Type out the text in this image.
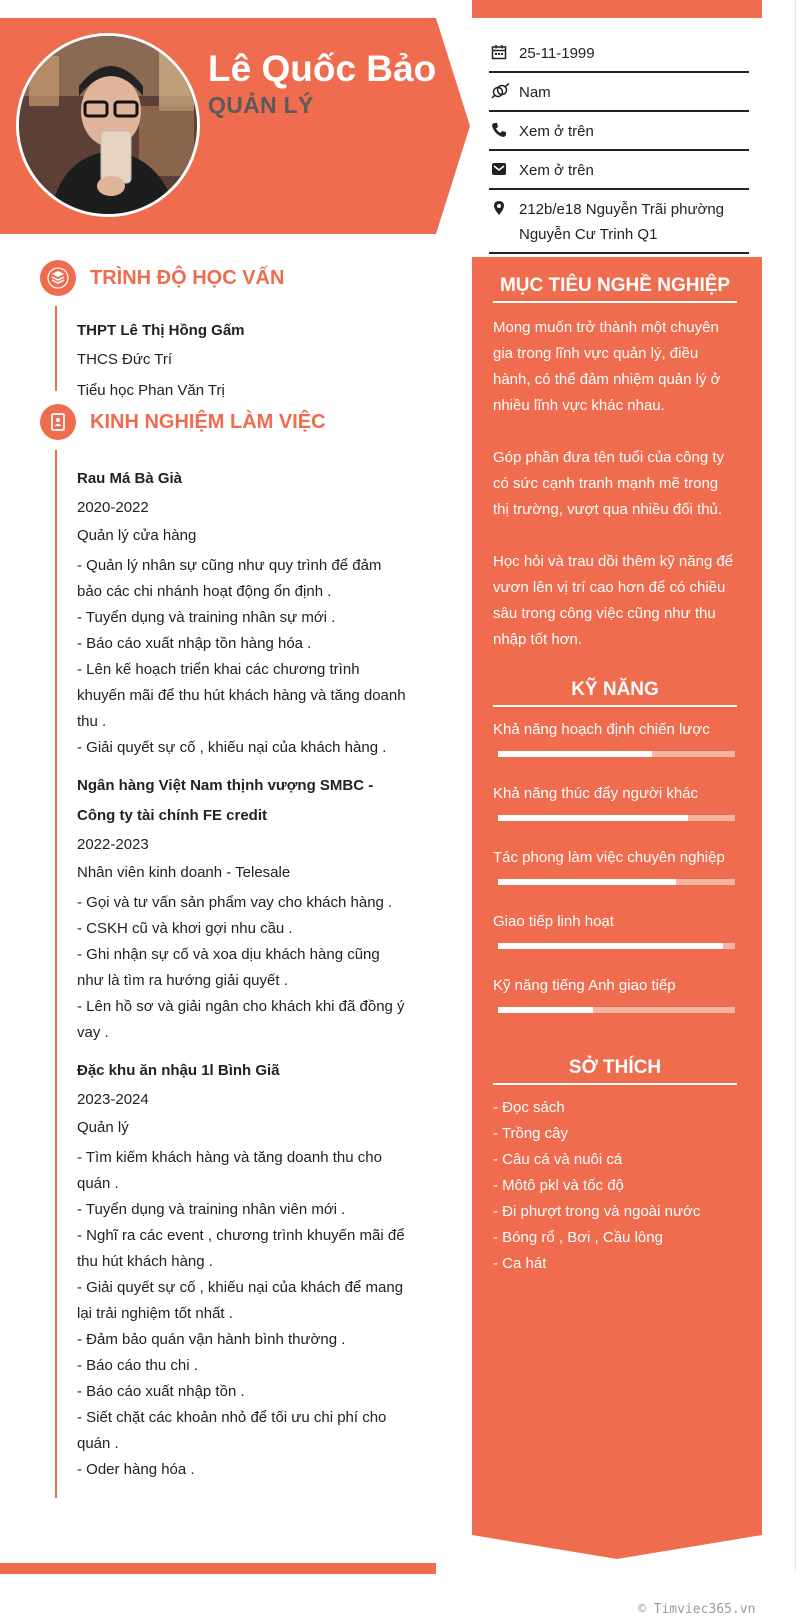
Lê Quốc Bảo
QUẢN LÝ
25-11-1999
Nam
Xem ở trên
Xem ở trên
212b/e18 Nguyễn Trãi phường Nguyễn Cư Trinh Q1
TRÌNH ĐỘ HỌC VẤN
THPT Lê Thị Hồng Gấm
THCS Đức Trí
Tiểu học Phan Văn Trị
KINH NGHIỆM LÀM VIỆC
Rau Má Bà Già
2020-2022
Quản lý cửa hàng
- Quản lý nhân sự cũng như quy trình để đảm bảo các chi nhánh hoạt động ổn định .
- Tuyển dụng và training nhân sự mới .
- Báo cáo xuất nhập tồn hàng hóa .
- Lên kế hoạch triển khai các chương trình khuyến mãi để thu hút khách hàng và tăng doanh thu .
- Giải quyết sự cố , khiếu nại của khách hàng .
Ngân hàng Việt Nam thịnh vượng SMBC - Công ty tài chính FE credit
2022-2023
Nhân viên kinh doanh - Telesale
- Gọi và tư vấn sản phẩm vay cho khách hàng .
- CSKH cũ và khơi gợi nhu cầu .
- Ghi nhận sự cố và xoa dịu khách hàng cũng như là tìm ra hướng giải quyết .
- Lên hồ sơ và giải ngân cho khách khi đã đồng ý vay .
Đặc khu ăn nhậu 1l Bình Giã
2023-2024
Quản lý
- Tìm kiếm khách hàng và tăng doanh thu cho quán .
- Tuyển dụng và training nhân viên mới .
- Nghĩ ra các event , chương trình khuyến mãi để thu hút khách hàng .
- Giải quyết sự cố , khiếu nại của khách để mang lại trải nghiệm tốt nhất .
- Đảm bảo quán vận hành bình thường .
- Báo cáo thu chi .
- Báo cáo xuất nhập tồn .
- Siết chặt các khoản nhỏ để tối ưu chi phí cho quán .
- Oder hàng hóa .
MỤC TIÊU NGHỀ NGHIỆP
Mong muốn trở thành một chuyên gia trong lĩnh vực quản lý, điều hành, có thể đảm nhiệm quản lý ở nhiều lĩnh vực khác nhau.

Góp phần đưa tên tuổi của công ty có sức cạnh tranh mạnh mẽ trong thị trường, vượt qua nhiều đối thủ.

Học hỏi và trau dồi thêm kỹ năng để vươn lên vị trí cao hơn để có chiều sâu trong công việc cũng như thu nhập tốt hơn.
KỸ NĂNG
Khả năng hoạch định chiến lược
Khả năng thúc đẩy người khác
Tác phong làm việc chuyên nghiệp
Giao tiếp linh hoạt
Kỹ năng tiếng Anh giao tiếp
SỞ THÍCH
- Đọc sách
- Trồng cây
- Câu cá và nuôi cá
- Môtô pkl và tốc độ
- Đi phượt trong và ngoài nước
- Bóng rổ , Bơi , Cầu lông
- Ca hát
© Timviec365.vn
